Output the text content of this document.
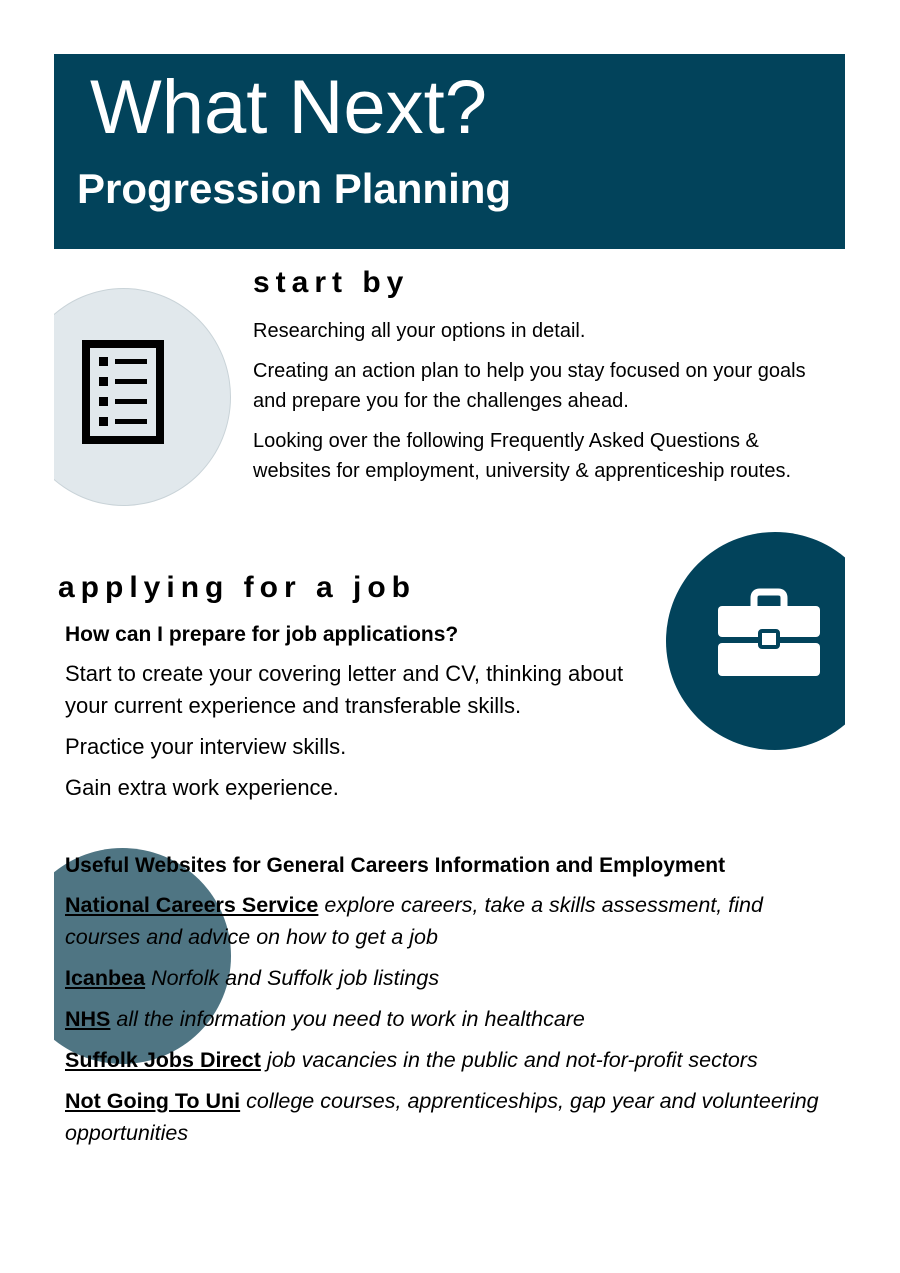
What Next?
Progression Planning
start by

Researching all your options in detail.

Creating an action plan to help you stay focused on your goals and prepare you for the challenges ahead.

Looking over the following Frequently Asked Questions & websites for employment, university & apprenticeship routes.

applying for a job

How can I prepare for job applications?

Start to create your covering letter and CV, thinking about your current experience and transferable skills.

Practice your interview skills.

Gain extra work experience.

Useful Websites for General Careers Information and Employment

National Careers Service explore careers, take a skills assessment, find courses and advice on how to get a job

Icanbea Norfolk and Suffolk job listings

NHS all the information you need to work in healthcare

Suffolk Jobs Direct job vacancies in the public and not-for-profit sectors

Not Going To Uni college courses, apprenticeships, gap year and volunteering opportunities
